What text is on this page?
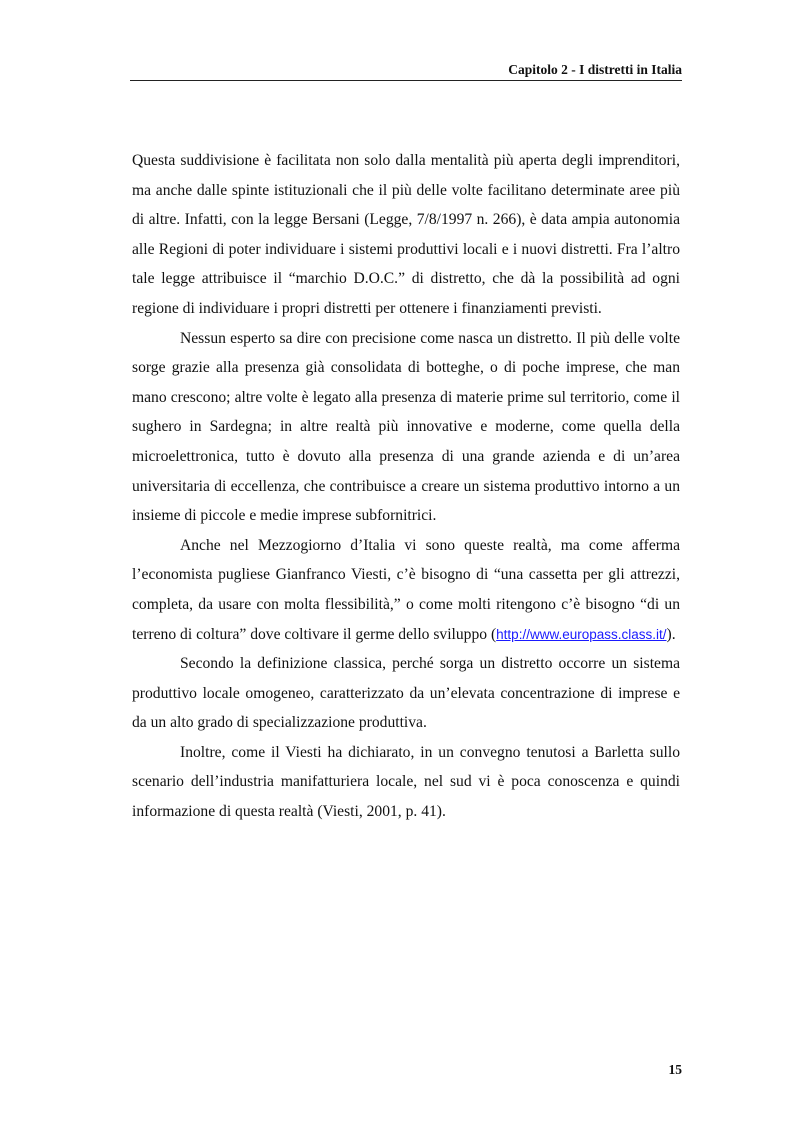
Capitolo 2 - I distretti in Italia

Questa suddivisione è facilitata non solo dalla mentalità più aperta degli imprenditori, ma anche dalle spinte istituzionali che il più delle volte facilitano determinate aree più di altre. Infatti, con la legge Bersani (Legge, 7/8/1997 n. 266), è data ampia autonomia alle Regioni di poter individuare i sistemi produttivi locali e i nuovi distretti. Fra l’altro tale legge attribuisce il “marchio D.O.C.” di distretto, che dà la possibilità ad ogni regione di individuare i propri distretti per ottenere i finanziamenti previsti.

Nessun esperto sa dire con precisione come nasca un distretto. Il più delle volte sorge grazie alla presenza già consolidata di botteghe, o di poche imprese, che man mano crescono; altre volte è legato alla presenza di materie prime sul territorio, come il sughero in Sardegna; in altre realtà più innovative e moderne, come quella della microelettronica, tutto è dovuto alla presenza di una grande azienda e di un’area universitaria di eccellenza, che contribuisce a creare un sistema produttivo intorno a un insieme di piccole e medie imprese subfornitrici.

Anche nel Mezzogiorno d’Italia vi sono queste realtà, ma come afferma l’economista pugliese Gianfranco Viesti, c’è bisogno di “una cassetta per gli attrezzi, completa, da usare con molta flessibilità,” o come molti ritengono c’è bisogno “di un terreno di coltura” dove coltivare il germe dello sviluppo (http://www.europass.class.it/).

Secondo la definizione classica, perché sorga un distretto occorre un sistema produttivo locale omogeneo, caratterizzato da un’elevata concentrazione di imprese e da un alto grado di specializzazione produttiva.

Inoltre, come il Viesti ha dichiarato, in un convegno tenutosi a Barletta sullo scenario dell’industria manifatturiera locale, nel sud vi è poca conoscenza e quindi informazione di questa realtà (Viesti, 2001, p. 41).

15
